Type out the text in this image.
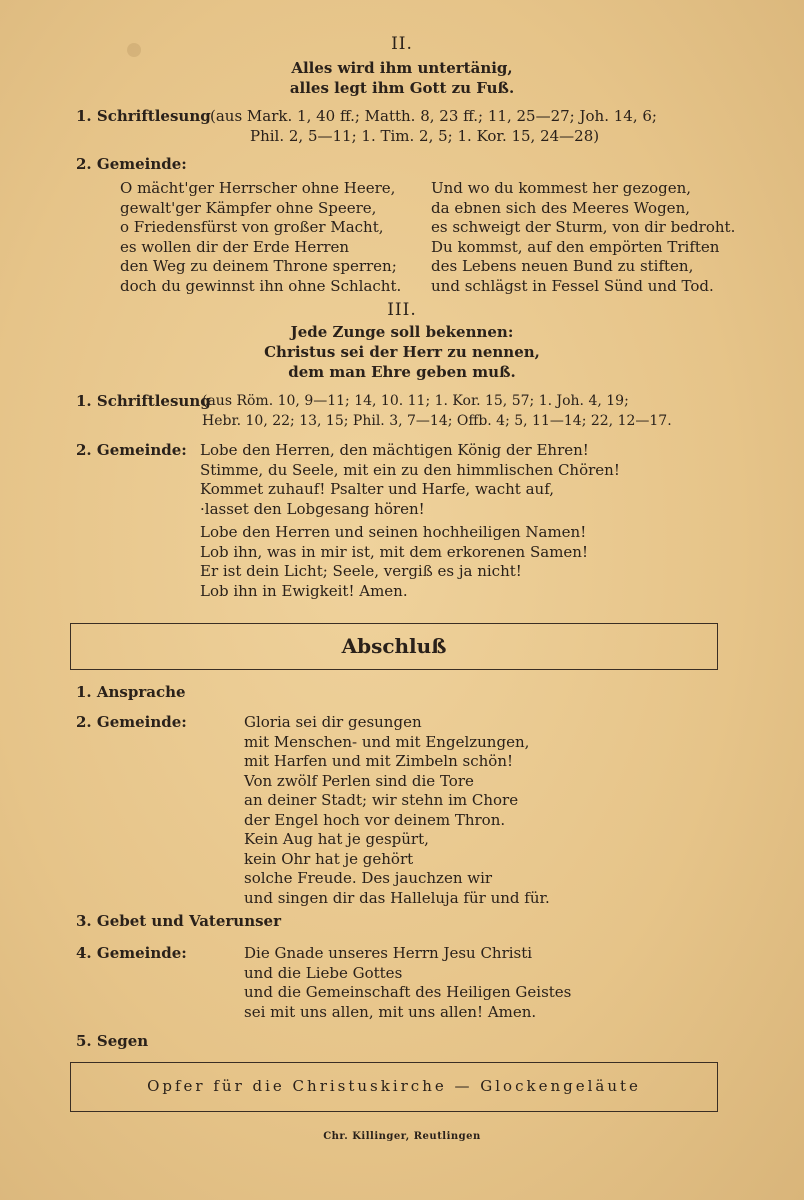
II.
Alles wird ihm untertänig,
alles legt ihm Gott zu Fuß.
1. Schriftlesung (aus Mark. 1, 40 ff.; Matth. 8, 23 ff.; 11, 25—27; Joh. 14, 6;
Phil. 2, 5—11; 1. Tim. 2, 5; 1. Kor. 15, 24—28)
2. Gemeinde:
O mächt'ger Herrscher ohne Heere,
gewalt'ger Kämpfer ohne Speere,
o Friedensfürst von großer Macht,
es wollen dir der Erde Herren
den Weg zu deinem Throne sperren;
doch du gewinnst ihn ohne Schlacht.
Und wo du kommest her gezogen,
da ebnen sich des Meeres Wogen,
es schweigt der Sturm, von dir bedroht.
Du kommst, auf den empörten Triften
des Lebens neuen Bund zu stiften,
und schlägst in Fessel Sünd und Tod.
III.
Jede Zunge soll bekennen:
Christus sei der Herr zu nennen,
dem man Ehre geben muß.
1. Schriftlesung
(aus Röm. 10, 9—11; 14, 10. 11; 1. Kor. 15, 57; 1. Joh. 4, 19;
Hebr. 10, 22; 13, 15; Phil. 3, 7—14; Offb. 4; 5, 11—14; 22, 12—17.
2. Gemeinde: Lobe den Herren, den mächtigen König der Ehren!
Stimme, du Seele, mit ein zu den himmlischen Chören!
Kommet zuhauf! Psalter und Harfe, wacht auf,
·lasset den Lobgesang hören!
Lobe den Herren und seinen hochheiligen Namen!
Lob ihn, was in mir ist, mit dem erkorenen Samen!
Er ist dein Licht; Seele, vergiß es ja nicht!
Lob ihn in Ewigkeit! Amen.
Abschluß
1. Ansprache
2. Gemeinde:	Gloria sei dir gesungen
mit Menschen- und mit Engelzungen,
mit Harfen und mit Zimbeln schön!
Von zwölf Perlen sind die Tore
an deiner Stadt; wir stehn im Chore
der Engel hoch vor deinem Thron.
Kein Aug hat je gespürt,
kein Ohr hat je gehört
solche Freude. Des jauchzen wir
und singen dir das Halleluja für und für.
3. Gebet und Vaterunser
4. Gemeinde:	Die Gnade unseres Herrn Jesu Christi
und die Liebe Gottes
und die Gemeinschaft des Heiligen Geistes
sei mit uns allen, mit uns allen! Amen.
5. Segen
Opfer für die Christuskirche — Glockengeläute
Chr. Killinger, Reutlingen
